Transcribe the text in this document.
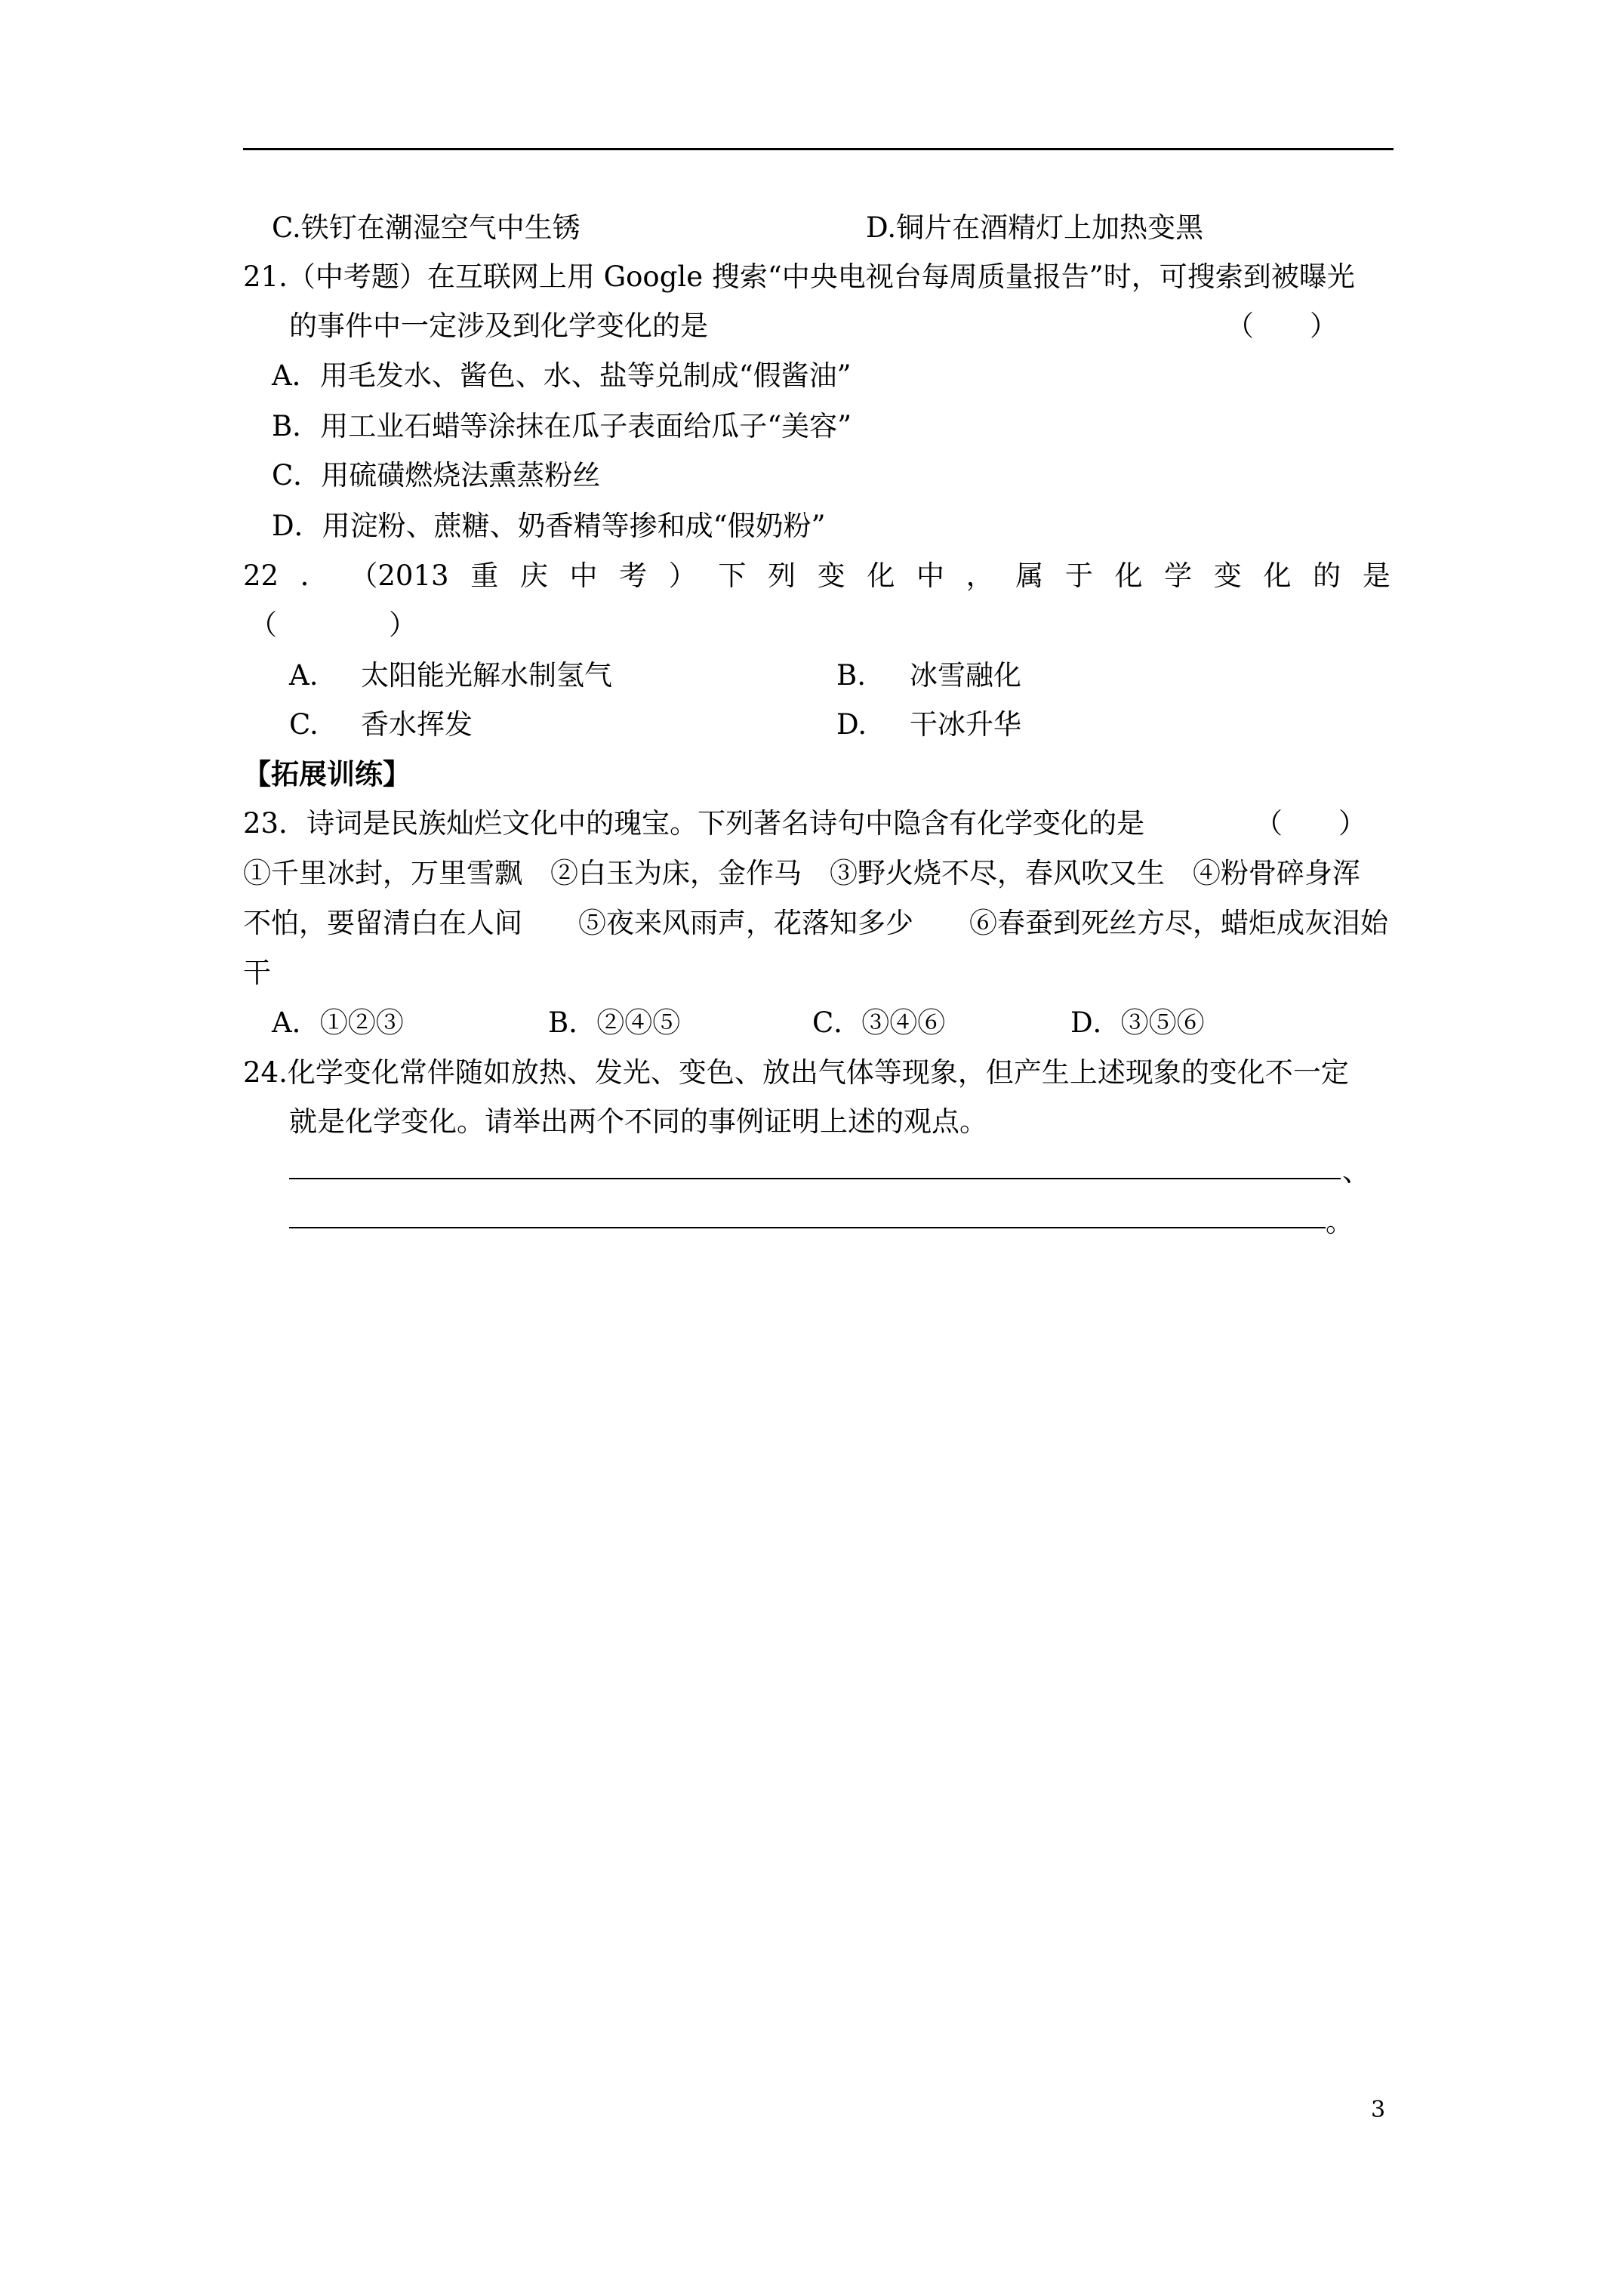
C.铁钉在潮湿空气中生锈	D.铜片在酒精灯上加热变黑
21.（中考题）在互联网上用 Google 搜索“中央电视台每周质量报告”时，可搜索到被曝光
的事件中一定涉及到化学变化的是	（　　）
A．用毛发水、酱色、水、盐等兑制成“假酱油”
B．用工业石蜡等涂抹在瓜子表面给瓜子“美容”
C．用硫磺燃烧法熏蒸粉丝
D．用淀粉、蔗糖、奶香精等掺和成“假奶粉”
22 ． （2013 重 庆 中 考 ） 下 列 变 化 中 ， 属 于 化 学 变 化 的 是
（　　　　）
A. 太阳能光解水制氢气	B. 冰雪融化
C. 香水挥发	D. 干冰升华
【拓展训练】
23．诗词是民族灿烂文化中的瑰宝。下列著名诗句中隐含有化学变化的是	（　　）
①千里冰封，万里雪飘　②白玉为床，金作马　③野火烧不尽，春风吹又生　④粉骨碎身浑
不怕，要留清白在人间　　⑤夜来风雨声，花落知多少　　⑥春蚕到死丝方尽，蜡炬成灰泪始
干
A．①②③	B．②④⑤	C．③④⑥	D．③⑤⑥
24.化学变化常伴随如放热、发光、变色、放出气体等现象，但产生上述现象的变化不一定
就是化学变化。请举出两个不同的事例证明上述的观点。
、
。
3
